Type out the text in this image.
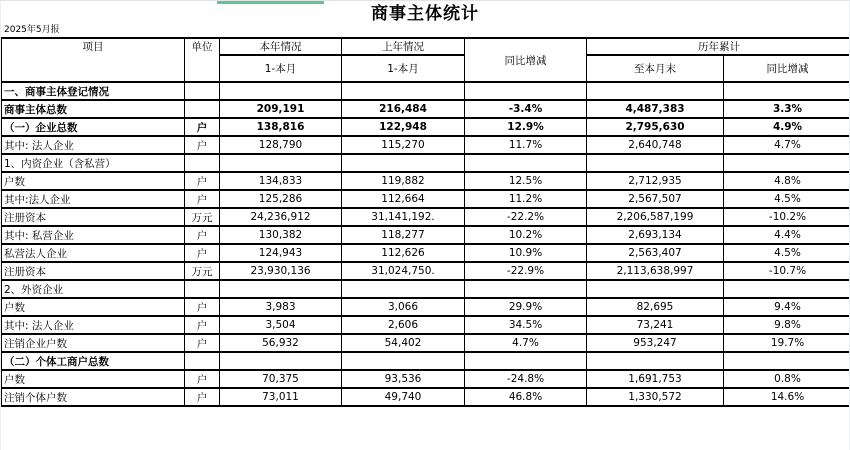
商事主体统计
2025年5月报
项目	单位	本年情况	上年情况	同比增减	历年累计	
		1-本月	1-本月		至本月末	同比增减
一、商事主体登记情况						
商事主体总数		209,191	216,484	-3.4%	4,487,383	3.3%
（一）企业总数	户	138,816	122,948	12.9%	2,795,630	4.9%
其中: 法人企业	户	128,790	115,270	11.7%	2,640,748	4.7%
1、内资企业（含私营）						
户数	户	134,833	119,882	12.5%	2,712,935	4.8%
其中:法人企业	户	125,286	112,664	11.2%	2,567,507	4.5%
注册资本	万元	24,236,912	31,141,192.	-22.2%	2,206,587,199	-10.2%
其中: 私营企业	户	130,382	118,277	10.2%	2,693,134	4.4%
私营法人企业	户	124,943	112,626	10.9%	2,563,407	4.5%
注册资本	万元	23,930,136	31,024,750.	-22.9%	2,113,638,997	-10.7%
2、外资企业						
户数	户	3,983	3,066	29.9%	82,695	9.4%
其中: 法人企业	户	3,504	2,606	34.5%	73,241	9.8%
注销企业户数	户	56,932	54,402	4.7%	953,247	19.7%
（二）个体工商户总数						
户数	户	70,375	93,536	-24.8%	1,691,753	0.8%
注销个体户数	户	73,011	49,740	46.8%	1,330,572	14.6%
